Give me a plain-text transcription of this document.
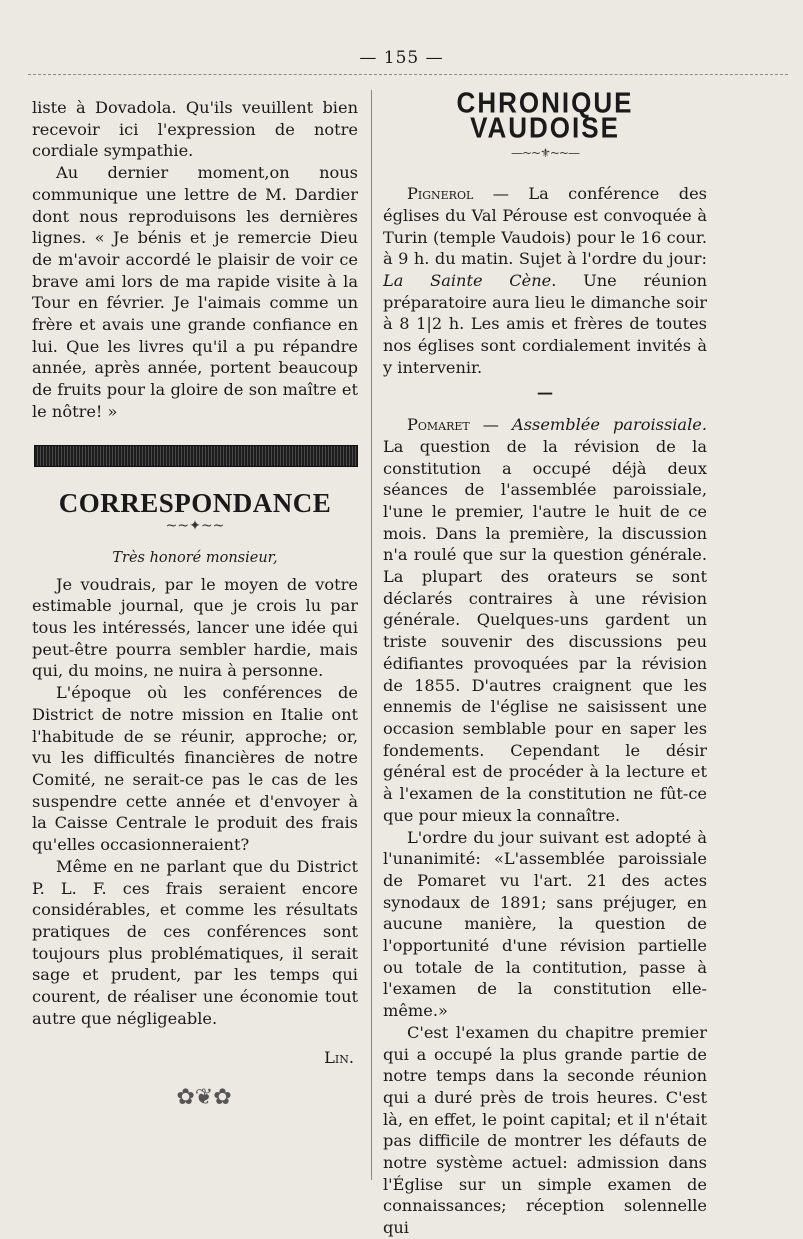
— 155 —

liste à Dovadola. Qu'ils veuillent bien recevoir ici l'expression de notre cordiale sympathie.

Au dernier moment,on nous communique une lettre de M. Dardier dont nous reproduisons les dernières lignes. « Je bénis et je remercie Dieu de m'avoir accordé le plaisir de voir ce brave ami lors de ma rapide visite à la Tour en février. Je l'aimais comme un frère et avais une grande confiance en lui. Que les livres qu'il a pu répandre année, après année, portent beaucoup de fruits pour la gloire de son maître et le nôtre! »

CORRESPONDANCE
~~✦~~
Très honoré monsieur,

Je voudrais, par le moyen de votre estimable journal, que je crois lu par tous les intéressés, lancer une idée qui peut-être pourra sembler hardie, mais qui, du moins, ne nuira à personne.

L'époque où les conférences de District de notre mission en Italie ont l'habitude de se réunir, approche; or, vu les difficultés financières de notre Comité, ne serait-ce pas le cas de les suspendre cette année et d'envoyer à la Caisse Centrale le produit des frais qu'elles occasionneraient?

Même en ne parlant que du District P. L. F. ces frais seraient encore considérables, et comme les résultats pratiques de ces conférences sont toujours plus problématiques, il serait sage et prudent, par les temps qui courent, de réaliser une économie tout autre que négligeable.

Lin.
✿❦✿
CHRONIQUE VAUDOISE
—~~⚜~~—

Pignerol — La conférence des églises du Val Pérouse est convoquée à Turin (temple Vaudois) pour le 16 cour. à 9 h. du matin. Sujet à l'ordre du jour: La Sainte Cène. Une réunion préparatoire aura lieu le dimanche soir à 8 1|2 h. Les amis et frères de toutes nos églises sont cordialement invités à y intervenir.

—

Pomaret — Assemblée paroissiale. La question de la révision de la constitution a occupé déjà deux séances de l'assemblée paroissiale, l'une le premier, l'autre le huit de ce mois. Dans la première, la discussion n'a roulé que sur la question générale. La plupart des orateurs se sont déclarés contraires à une révision générale. Quelques-uns gardent un triste souvenir des discussions peu édifiantes provoquées par la révision de 1855. D'autres craignent que les ennemis de l'église ne saisissent une occasion semblable pour en saper les fondements. Cependant le désir général est de procéder à la lecture et à l'examen de la constitution ne fût-ce que pour mieux la connaître.

L'ordre du jour suivant est adopté à l'unanimité: «L'assemblée paroissiale de Pomaret vu l'art. 21 des actes synodaux de 1891; sans préjuger, en aucune manière, la question de l'opportunité d'une révision partielle ou totale de la contitution, passe à l'examen de la constitution elle-même.»

C'est l'examen du chapitre premier qui a occupé la plus grande partie de notre temps dans la seconde réunion qui a duré près de trois heures. C'est là, en effet, le point capital; et il n'était pas difficile de montrer les défauts de notre système actuel: admission dans l'Église sur un simple examen de connaissances; réception solennelle qui
